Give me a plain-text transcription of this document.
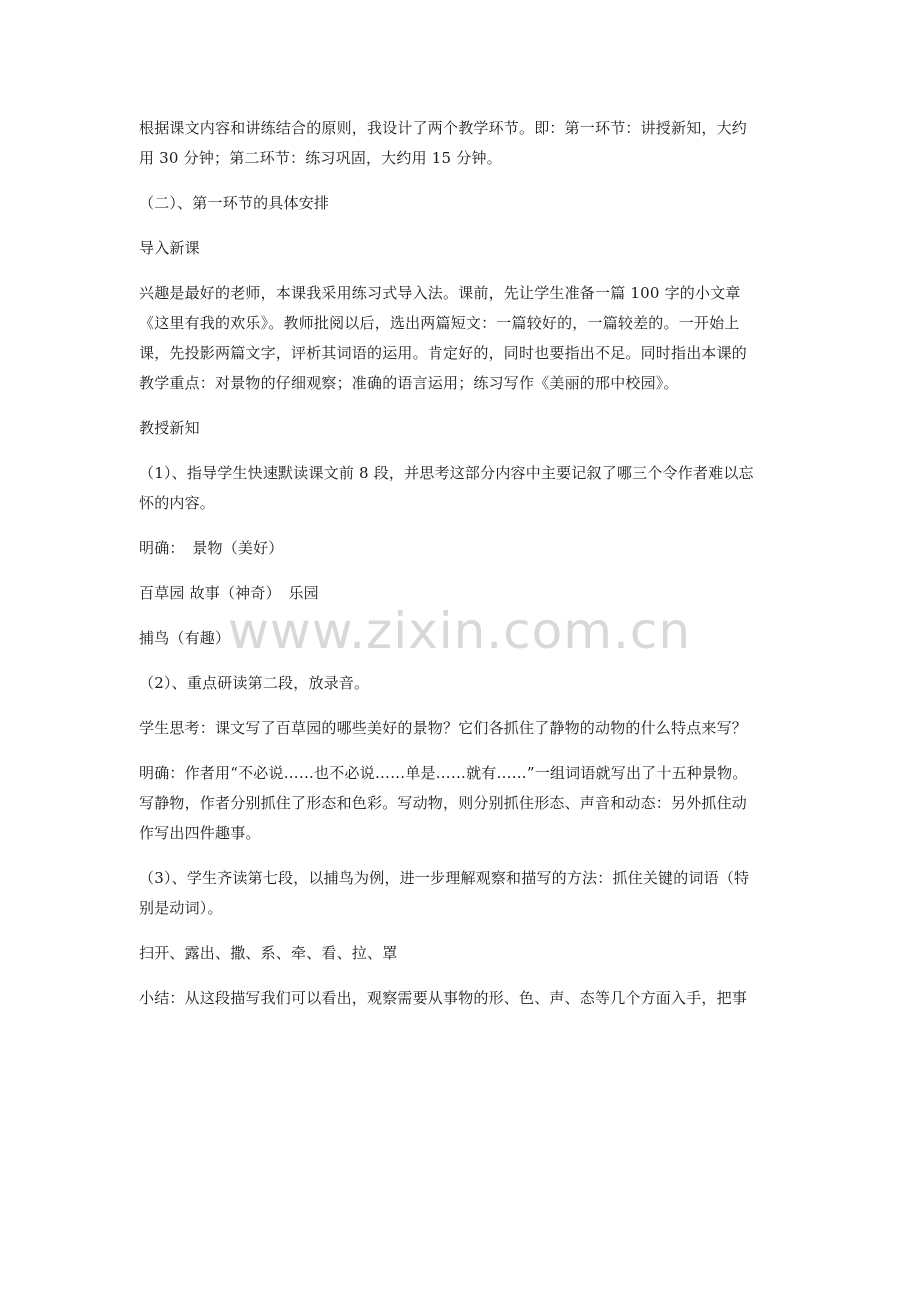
根据课文内容和讲练结合的原则，我设计了两个教学环节。即：第一环节：讲授新知，大约

用 30 分钟；第二环节：练习巩固，大约用 15 分钟。

（二）、第一环节的具体安排

导入新课

兴趣是最好的老师，本课我采用练习式导入法。课前，先让学生准备一篇 100 字的小文章

《这里有我的欢乐》。教师批阅以后，选出两篇短文：一篇较好的，一篇较差的。一开始上

课，先投影两篇文字，评析其词语的运用。肯定好的，同时也要指出不足。同时指出本课的

教学重点：对景物的仔细观察；准确的语言运用；练习写作《美丽的邢中校园》。

教授新知

（1）、指导学生快速默读课文前 8 段，并思考这部分内容中主要记叙了哪三个令作者难以忘

怀的内容。

明确：　景物（美好）

百草园 故事（神奇）　乐园

捕鸟（有趣）

（2）、重点研读第二段，放录音。

学生思考：课文写了百草园的哪些美好的景物？它们各抓住了静物的动物的什么特点来写？

明确：作者用“不必说……也不必说……单是……就有……”一组词语就写出了十五种景物。

写静物，作者分别抓住了形态和色彩。写动物，则分别抓住形态、声音和动态：另外抓住动

作写出四件趣事。

（3）、学生齐读第七段，以捕鸟为例，进一步理解观察和描写的方法：抓住关键的词语（特

别是动词）。

扫开、露出、撒、系、牵、看、拉、罩

小结：从这段描写我们可以看出，观察需要从事物的形、色、声、态等几个方面入手，把事

www.zixin.com.cn
